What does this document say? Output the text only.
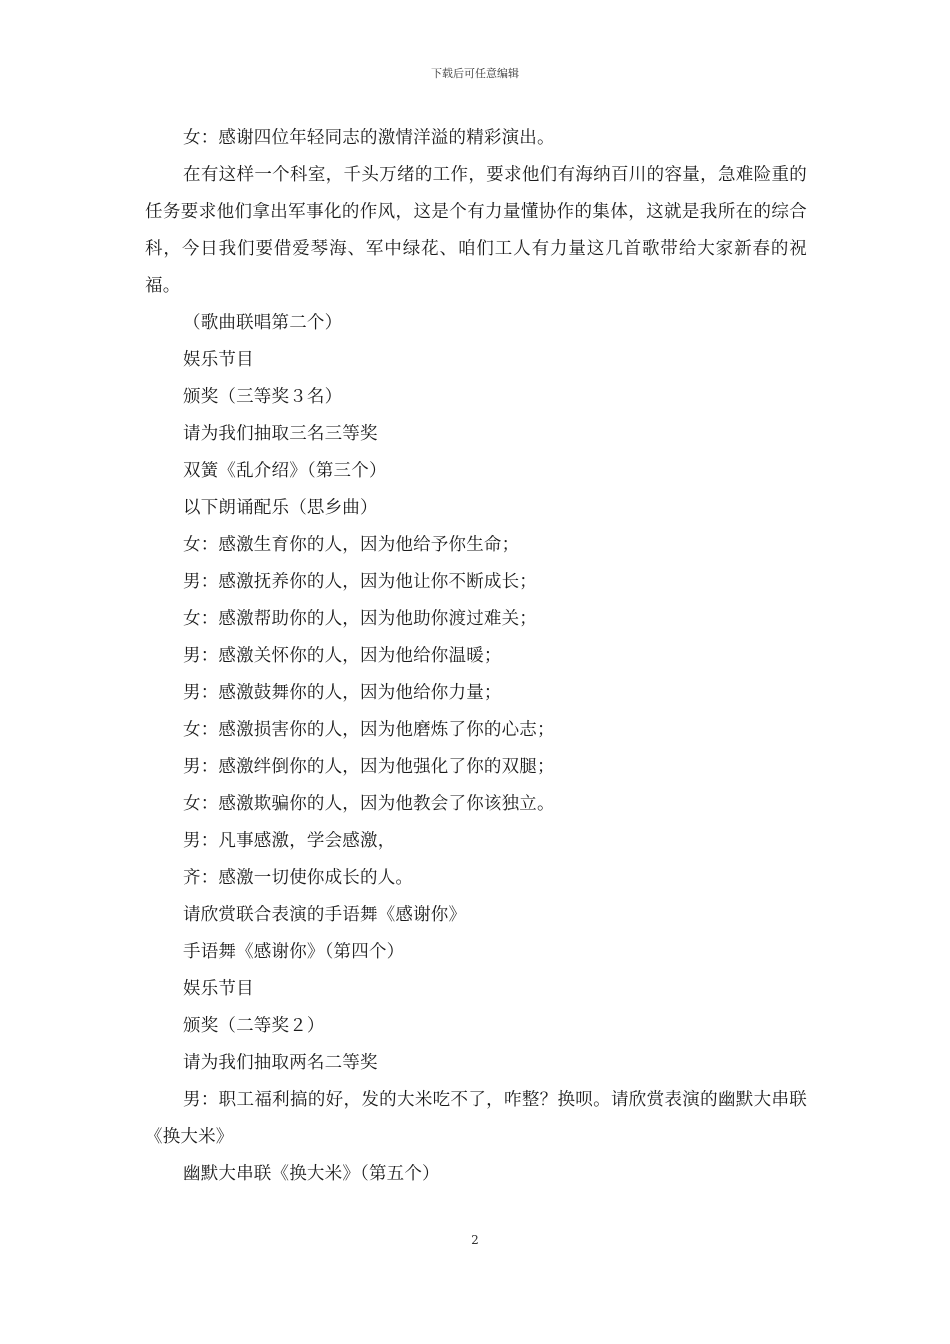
下载后可任意编辑

女：感谢四位年轻同志的激情洋溢的精彩演出。

在有这样一个科室，千头万绪的工作，要求他们有海纳百川的容量，急难险重的任务要求他们拿出军事化的作风，这是个有力量懂协作的集体，这就是我所在的综合科，今日我们要借爱琴海、军中绿花、咱们工人有力量这几首歌带给大家新春的祝福。

（歌曲联唱第二个）

娱乐节目

颁奖（三等奖３名）

请为我们抽取三名三等奖

双簧《乱介绍》（第三个）

以下朗诵配乐（思乡曲）

女：感激生育你的人，因为他给予你生命；

男：感激抚养你的人，因为他让你不断成长；

女：感激帮助你的人，因为他助你渡过难关；

男：感激关怀你的人，因为他给你温暖；

男：感激鼓舞你的人，因为他给你力量；

女：感激损害你的人，因为他磨炼了你的心志；

男：感激绊倒你的人，因为他强化了你的双腿；

女：感激欺骗你的人，因为他教会了你该独立。

男：凡事感激，学会感激，

齐：感激一切使你成长的人。

请欣赏联合表演的手语舞《感谢你》

手语舞《感谢你》（第四个）

娱乐节目

颁奖（二等奖２）

请为我们抽取两名二等奖

男：职工福利搞的好，发的大米吃不了，咋整？换呗。请欣赏表演的幽默大串联《换大米》

幽默大串联《换大米》（第五个）

2
